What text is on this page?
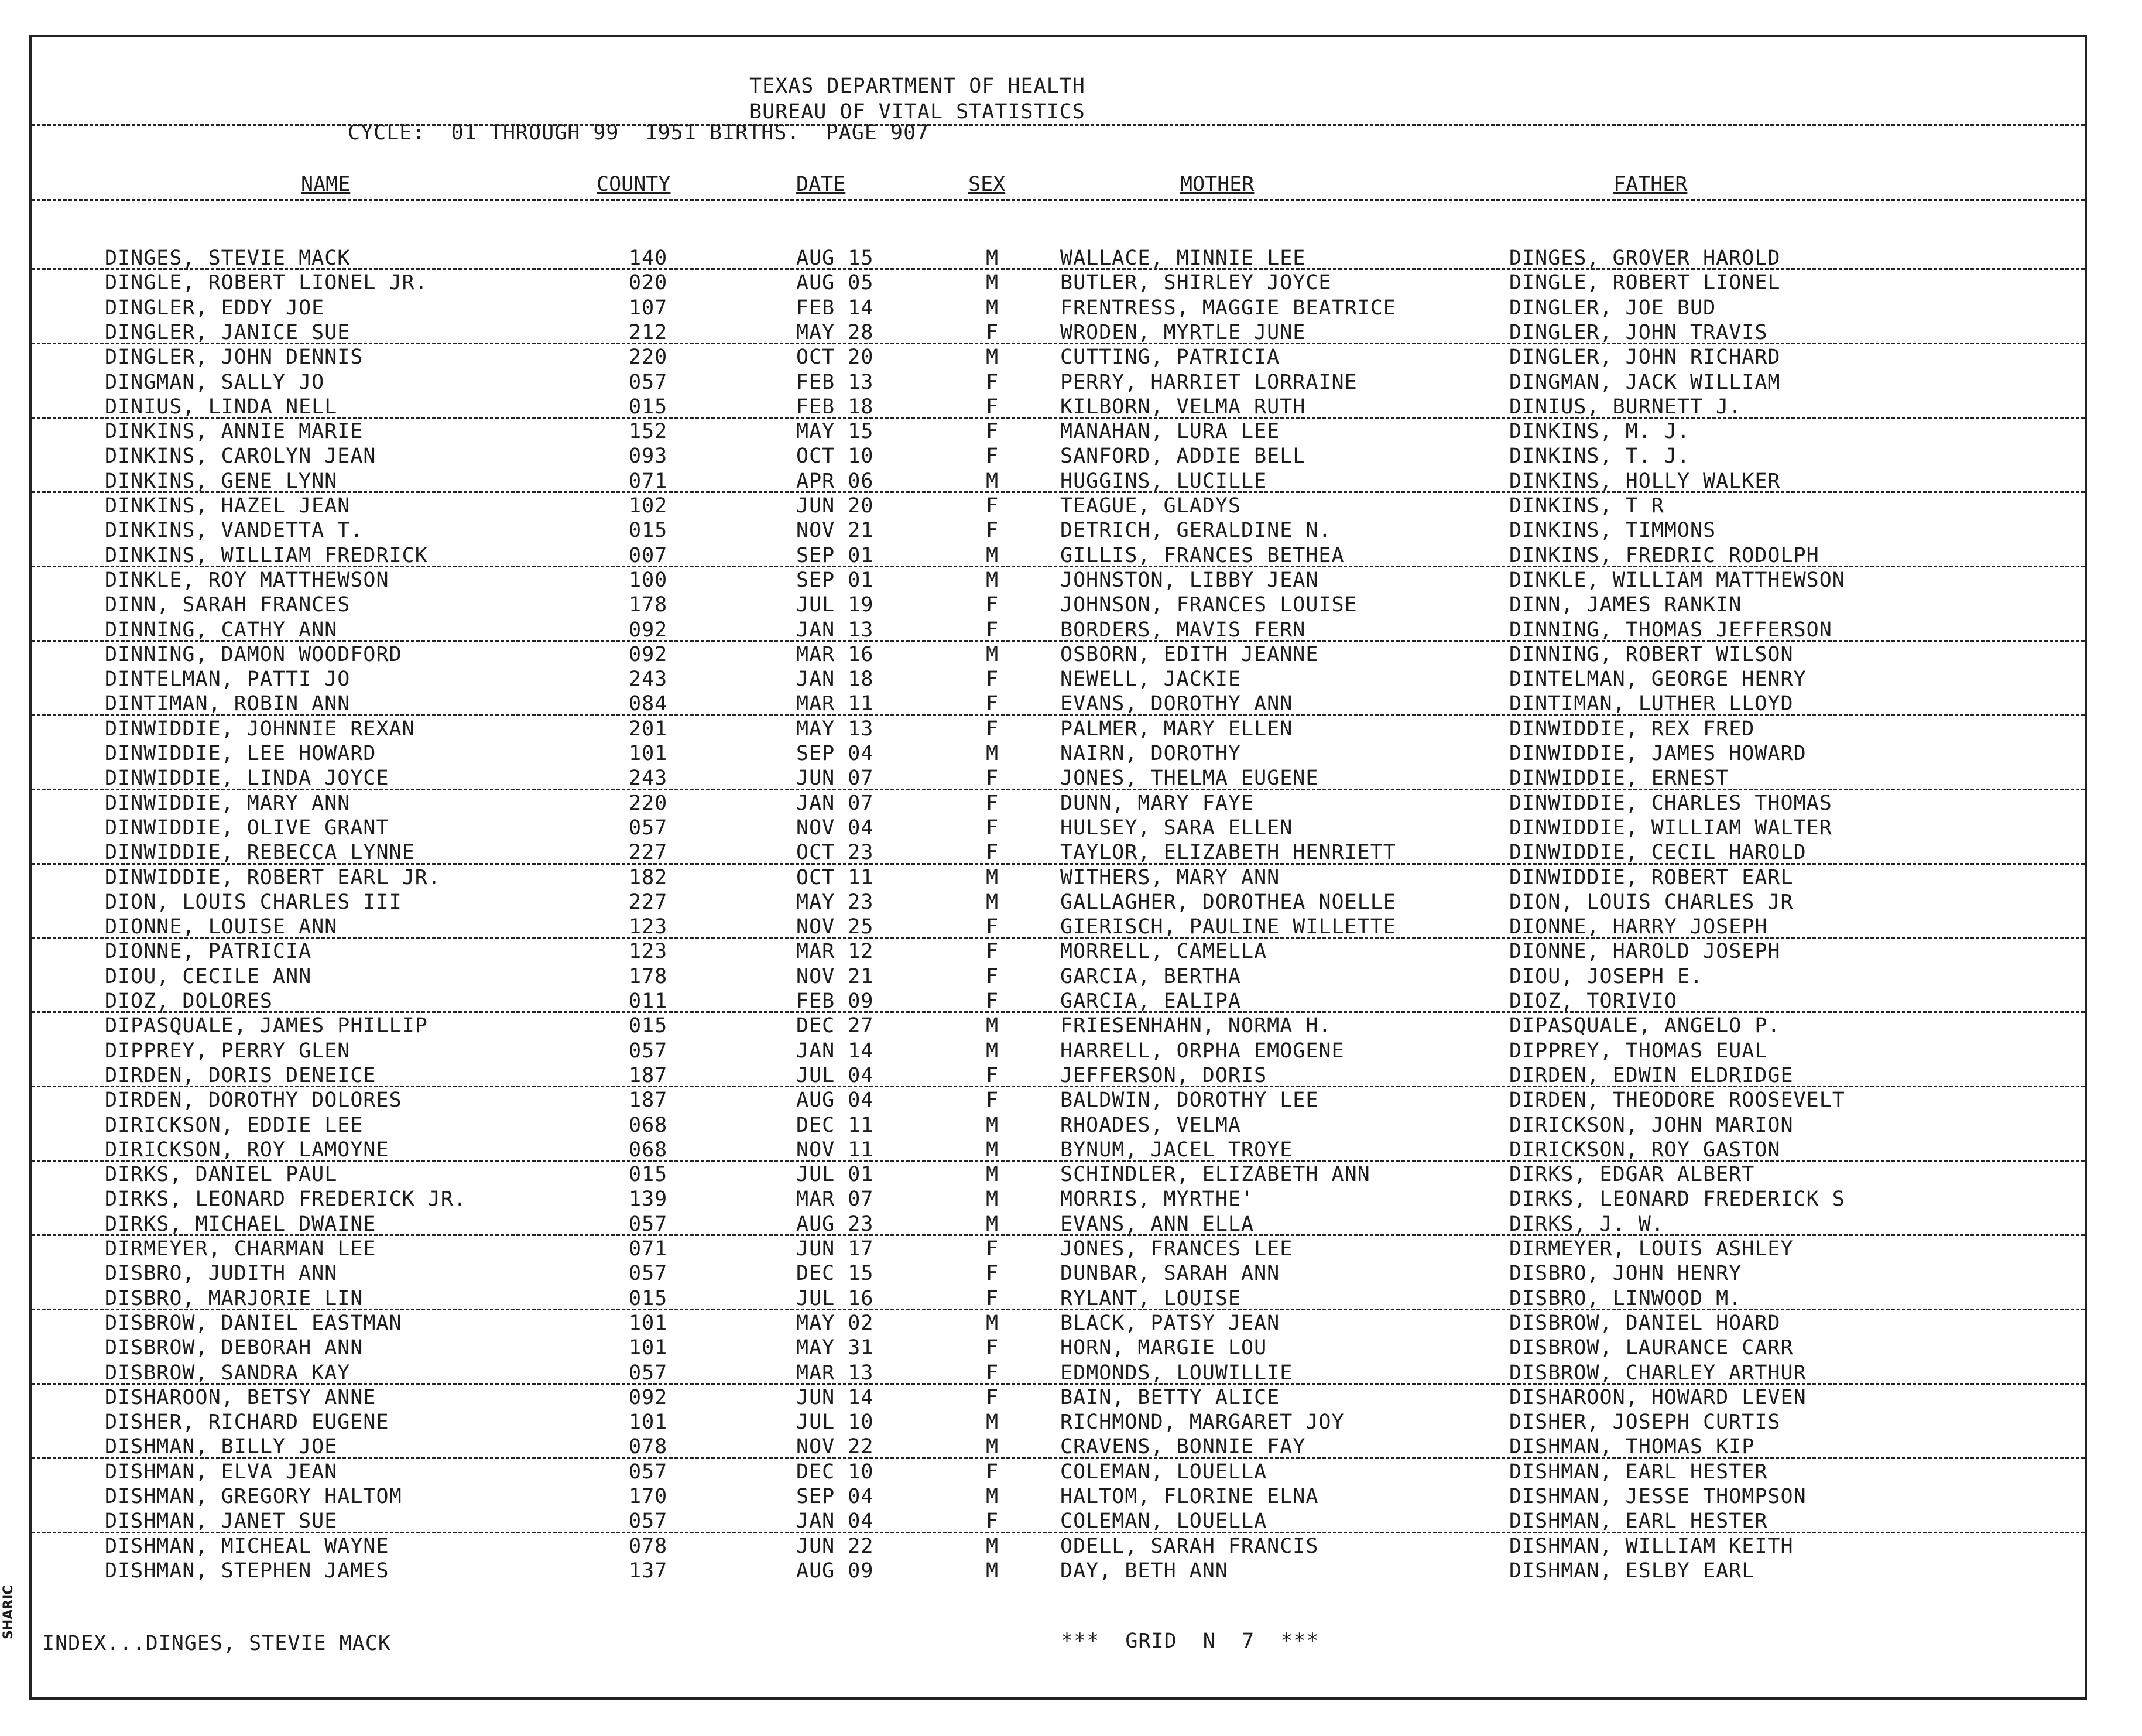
TEXAS DEPARTMENT OF HEALTH
BUREAU OF VITAL STATISTICS
CYCLE:  01 THROUGH 99  1951 BIRTHS.  PAGE 907
NAME	COUNTY	DATE	SEX	MOTHER	FATHER
DINGES, STEVIE MACK	140	AUG 15	M	WALLACE, MINNIE LEE	DINGES, GROVER HAROLD
DINGLE, ROBERT LIONEL JR.	020	AUG 05	M	BUTLER, SHIRLEY JOYCE	DINGLE, ROBERT LIONEL
DINGLER, EDDY JOE	107	FEB 14	M	FRENTRESS, MAGGIE BEATRICE	DINGLER, JOE BUD
DINGLER, JANICE SUE	212	MAY 28	F	WRODEN, MYRTLE JUNE	DINGLER, JOHN TRAVIS
DINGLER, JOHN DENNIS	220	OCT 20	M	CUTTING, PATRICIA	DINGLER, JOHN RICHARD
DINGMAN, SALLY JO	057	FEB 13	F	PERRY, HARRIET LORRAINE	DINGMAN, JACK WILLIAM
DINIUS, LINDA NELL	015	FEB 18	F	KILBORN, VELMA RUTH	DINIUS, BURNETT J.
DINKINS, ANNIE MARIE	152	MAY 15	F	MANAHAN, LURA LEE	DINKINS, M. J.
DINKINS, CAROLYN JEAN	093	OCT 10	F	SANFORD, ADDIE BELL	DINKINS, T. J.
DINKINS, GENE LYNN	071	APR 06	M	HUGGINS, LUCILLE	DINKINS, HOLLY WALKER
DINKINS, HAZEL JEAN	102	JUN 20	F	TEAGUE, GLADYS	DINKINS, T R
DINKINS, VANDETTA T.	015	NOV 21	F	DETRICH, GERALDINE N.	DINKINS, TIMMONS
DINKINS, WILLIAM FREDRICK	007	SEP 01	M	GILLIS, FRANCES BETHEA	DINKINS, FREDRIC RODOLPH
DINKLE, ROY MATTHEWSON	100	SEP 01	M	JOHNSTON, LIBBY JEAN	DINKLE, WILLIAM MATTHEWSON
DINN, SARAH FRANCES	178	JUL 19	F	JOHNSON, FRANCES LOUISE	DINN, JAMES RANKIN
DINNING, CATHY ANN	092	JAN 13	F	BORDERS, MAVIS FERN	DINNING, THOMAS JEFFERSON
DINNING, DAMON WOODFORD	092	MAR 16	M	OSBORN, EDITH JEANNE	DINNING, ROBERT WILSON
DINTELMAN, PATTI JO	243	JAN 18	F	NEWELL, JACKIE	DINTELMAN, GEORGE HENRY
DINTIMAN, ROBIN ANN	084	MAR 11	F	EVANS, DOROTHY ANN	DINTIMAN, LUTHER LLOYD
DINWIDDIE, JOHNNIE REXAN	201	MAY 13	F	PALMER, MARY ELLEN	DINWIDDIE, REX FRED
DINWIDDIE, LEE HOWARD	101	SEP 04	M	NAIRN, DOROTHY	DINWIDDIE, JAMES HOWARD
DINWIDDIE, LINDA JOYCE	243	JUN 07	F	JONES, THELMA EUGENE	DINWIDDIE, ERNEST
DINWIDDIE, MARY ANN	220	JAN 07	F	DUNN, MARY FAYE	DINWIDDIE, CHARLES THOMAS
DINWIDDIE, OLIVE GRANT	057	NOV 04	F	HULSEY, SARA ELLEN	DINWIDDIE, WILLIAM WALTER
DINWIDDIE, REBECCA LYNNE	227	OCT 23	F	TAYLOR, ELIZABETH HENRIETT	DINWIDDIE, CECIL HAROLD
DINWIDDIE, ROBERT EARL JR.	182	OCT 11	M	WITHERS, MARY ANN	DINWIDDIE, ROBERT EARL
DION, LOUIS CHARLES III	227	MAY 23	M	GALLAGHER, DOROTHEA NOELLE	DION, LOUIS CHARLES JR
DIONNE, LOUISE ANN	123	NOV 25	F	GIERISCH, PAULINE WILLETTE	DIONNE, HARRY JOSEPH
DIONNE, PATRICIA	123	MAR 12	F	MORRELL, CAMELLA	DIONNE, HAROLD JOSEPH
DIOU, CECILE ANN	178	NOV 21	F	GARCIA, BERTHA	DIOU, JOSEPH E.
DIOZ, DOLORES	011	FEB 09	F	GARCIA, EALIPA	DIOZ, TORIVIO
DIPASQUALE, JAMES PHILLIP	015	DEC 27	M	FRIESENHAHN, NORMA H.	DIPASQUALE, ANGELO P.
DIPPREY, PERRY GLEN	057	JAN 14	M	HARRELL, ORPHA EMOGENE	DIPPREY, THOMAS EUAL
DIRDEN, DORIS DENEICE	187	JUL 04	F	JEFFERSON, DORIS	DIRDEN, EDWIN ELDRIDGE
DIRDEN, DOROTHY DOLORES	187	AUG 04	F	BALDWIN, DOROTHY LEE	DIRDEN, THEODORE ROOSEVELT
DIRICKSON, EDDIE LEE	068	DEC 11	M	RHOADES, VELMA	DIRICKSON, JOHN MARION
DIRICKSON, ROY LAMOYNE	068	NOV 11	M	BYNUM, JACEL TROYE	DIRICKSON, ROY GASTON
DIRKS, DANIEL PAUL	015	JUL 01	M	SCHINDLER, ELIZABETH ANN	DIRKS, EDGAR ALBERT
DIRKS, LEONARD FREDERICK JR.	139	MAR 07	M	MORRIS, MYRTHE'	DIRKS, LEONARD FREDERICK S
DIRKS, MICHAEL DWAINE	057	AUG 23	M	EVANS, ANN ELLA	DIRKS, J. W.
DIRMEYER, CHARMAN LEE	071	JUN 17	F	JONES, FRANCES LEE	DIRMEYER, LOUIS ASHLEY
DISBRO, JUDITH ANN	057	DEC 15	F	DUNBAR, SARAH ANN	DISBRO, JOHN HENRY
DISBRO, MARJORIE LIN	015	JUL 16	F	RYLANT, LOUISE	DISBRO, LINWOOD M.
DISBROW, DANIEL EASTMAN	101	MAY 02	M	BLACK, PATSY JEAN	DISBROW, DANIEL HOARD
DISBROW, DEBORAH ANN	101	MAY 31	F	HORN, MARGIE LOU	DISBROW, LAURANCE CARR
DISBROW, SANDRA KAY	057	MAR 13	F	EDMONDS, LOUWILLIE	DISBROW, CHARLEY ARTHUR
DISHAROON, BETSY ANNE	092	JUN 14	F	BAIN, BETTY ALICE	DISHAROON, HOWARD LEVEN
DISHER, RICHARD EUGENE	101	JUL 10	M	RICHMOND, MARGARET JOY	DISHER, JOSEPH CURTIS
DISHMAN, BILLY JOE	078	NOV 22	M	CRAVENS, BONNIE FAY	DISHMAN, THOMAS KIP
DISHMAN, ELVA JEAN	057	DEC 10	F	COLEMAN, LOUELLA	DISHMAN, EARL HESTER
DISHMAN, GREGORY HALTOM	170	SEP 04	M	HALTOM, FLORINE ELNA	DISHMAN, JESSE THOMPSON
DISHMAN, JANET SUE	057	JAN 04	F	COLEMAN, LOUELLA	DISHMAN, EARL HESTER
DISHMAN, MICHEAL WAYNE	078	JUN 22	M	ODELL, SARAH FRANCIS	DISHMAN, WILLIAM KEITH
DISHMAN, STEPHEN JAMES	137	AUG 09	M	DAY, BETH ANN	DISHMAN, ESLBY EARL
INDEX...DINGES, STEVIE MACK	***  GRID  N  7  ***
SHARIC
